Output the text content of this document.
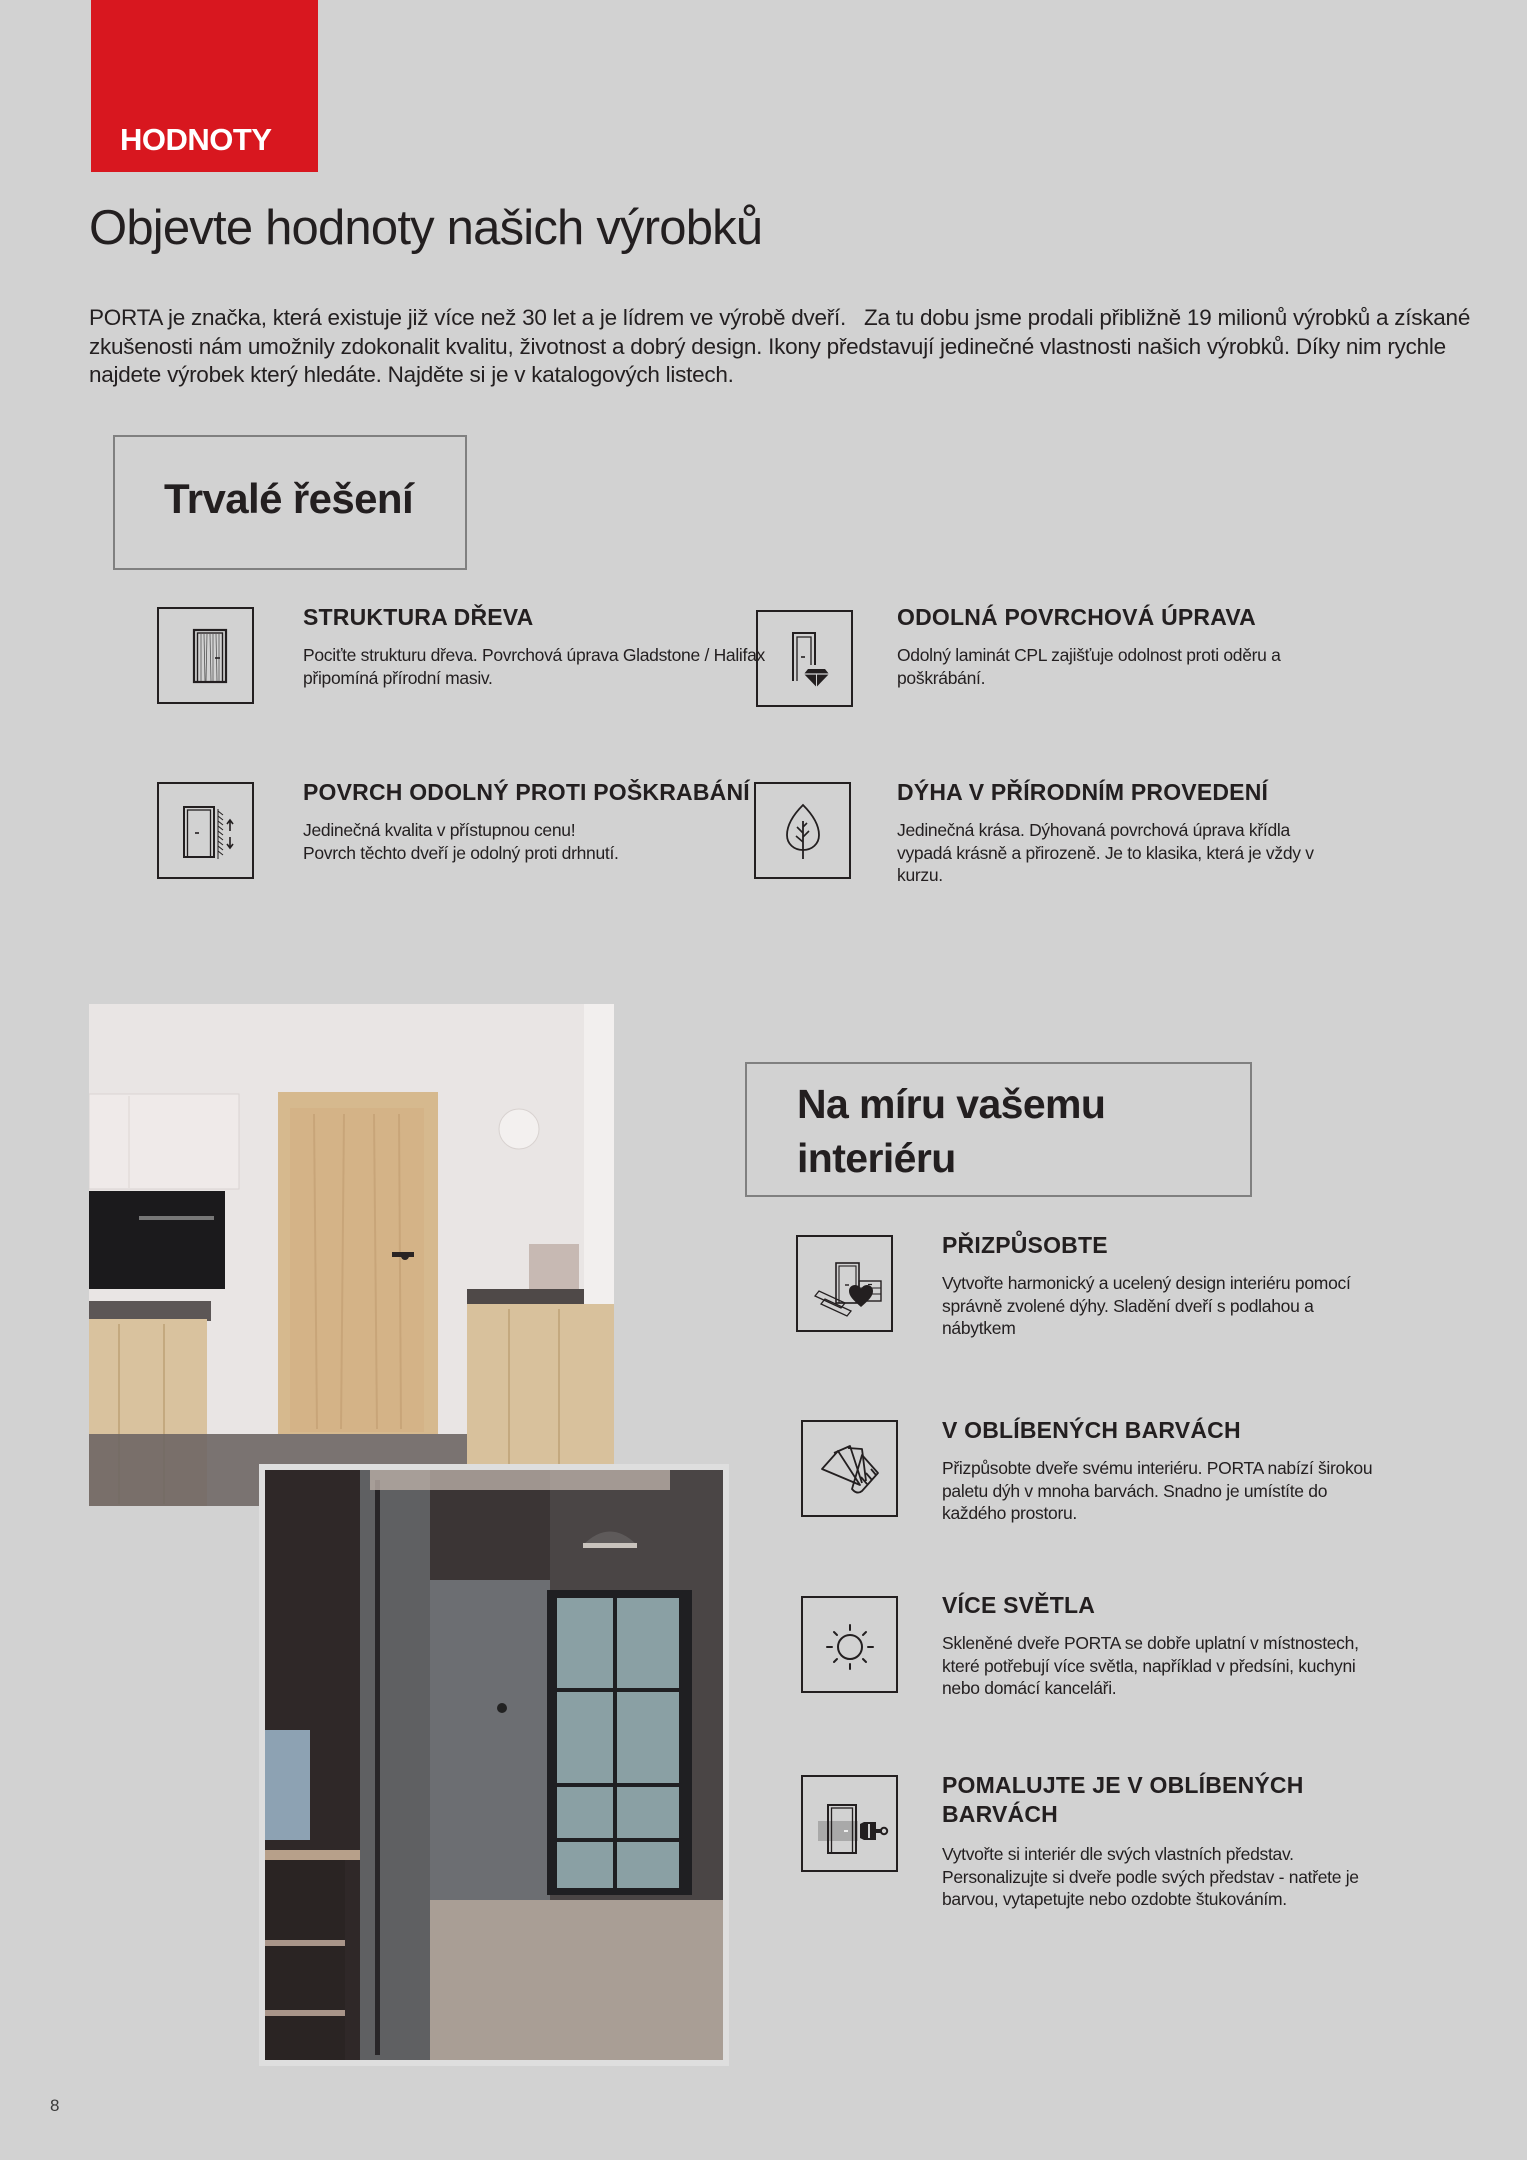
HODNOTY
Objevte hodnoty našich výrobků

PORTA je značka, která existuje již více než 30 let a je lídrem ve výrobě dveří.   Za tu dobu jsme prodali přibližně 19 milionů výrobků a získané zkušenosti nám umožnily zdokonalit kvalitu, životnost a dobrý design. Ikony představují jedinečné vlastnosti našich výrobků. Díky nim rychle najdete výrobek který hledáte. Najděte si je v katalogových listech.

Trvalé řešení
STRUKTURA DŘEVA

Pociťte strukturu dřeva. Povrchová úprava Gladstone / Halifax
připomíná přírodní masiv.

ODOLNÁ POVRCHOVÁ ÚPRAVA

Odolný laminát CPL zajišťuje odolnost proti oděru a
poškrábání.

POVRCH ODOLNÝ PROTI POŠKRABÁNÍ

Jedinečná kvalita v přístupnou cenu!
Povrch těchto dveří je odolný proti drhnutí.

DÝHA V PŘÍRODNÍM PROVEDENÍ

Jedinečná krása. Dýhovaná povrchová úprava křídla
vypadá krásně a přirozeně. Je to klasika, která je vždy v
kurzu.

Na míru vašemu interiéru
PŘIZPŮSOBTE

Vytvořte harmonický a ucelený design interiéru pomocí
správně zvolené dýhy. Sladění dveří s podlahou a
nábytkem

V OBLÍBENÝCH BARVÁCH

Přizpůsobte dveře svému interiéru. PORTA nabízí širokou
paletu dýh v mnoha barvách. Snadno je umístíte do
každého prostoru.

VÍCE SVĚTLA

Skleněné dveře PORTA se dobře uplatní v místnostech,
které potřebují více světla, například v předsíni, kuchyni
nebo domácí kanceláři.

POMALUJTE JE V OBLÍBENÝCH BARVÁCH

Vytvořte si interiér dle svých vlastních představ.
Personalizujte si dveře podle svých představ - natřete je
barvou, vytapetujte nebo ozdobte štukováním.

8
